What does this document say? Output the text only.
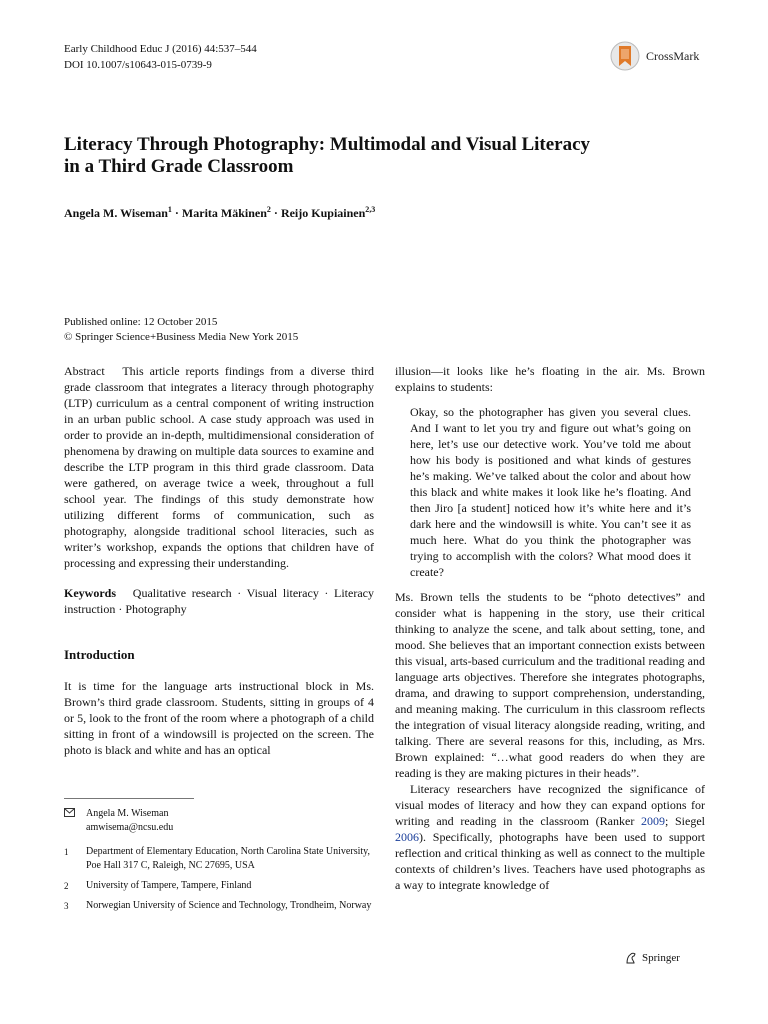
Early Childhood Educ J (2016) 44:537–544
DOI 10.1007/s10643-015-0739-9
CrossMark
Literacy Through Photography: Multimodal and Visual Literacy
in a Third Grade Classroom
Angela M. Wiseman$^1$ · Marita Mäkinen$^2$ · Reijo Kupiainen$^{2,3}$
Published online: 12 October 2015
© Springer Science+Business Media New York 2015

Abstract This article reports findings from a diverse third grade classroom that integrates a literacy through photography (LTP) curriculum as a central component of writing instruction in an urban public school. A case study approach was used in order to provide an in-depth, multidimensional consideration of phenomena by drawing on multiple data sources to examine and describe the LTP program in this third grade classroom. Data were gathered, on average twice a week, throughout a full school year. The findings of this study demonstrate how utilizing different forms of communication, such as photography, alongside traditional school literacies, such as writer’s workshop, expands the options that children have of processing and expressing their understanding.

Keywords Qualitative research · Visual literacy · Literacy instruction · Photography

Introduction

It is time for the language arts instructional block in Ms. Brown’s third grade classroom. Students, sitting in groups of 4 or 5, look to the front of the room where a photograph of a child sitting in front of a windowsill is projected on the screen. The photo is black and white and has an optical

Angela M. Wiseman
amwisema@ncsu.edu
1	Department of Elementary Education, North Carolina State University, Poe Hall 317 C, Raleigh, NC 27695, USA
2	University of Tampere, Tampere, Finland
3	Norwegian University of Science and Technology, Trondheim, Norway

illusion—it looks like he’s floating in the air. Ms. Brown explains to students:

Okay, so the photographer has given you several clues. And I want to let you try and figure out what’s going on here, let’s use our detective work. You’ve told me about how his body is positioned and what kinds of gestures he’s making. We’ve talked about the color and about how this black and white makes it look like he’s floating. And then Jiro [a student] noticed how it’s white here and it’s dark here and the windowsill is white. You can’t see it as much here. What do you think the photographer was trying to accomplish with the colors? What mood does it create?

Ms. Brown tells the students to be “photo detectives” and consider what is happening in the story, use their critical thinking to analyze the scene, and talk about setting, tone, and mood. She believes that an important connection exists between this visual, arts-based curriculum and the traditional reading and language arts objectives. Therefore she integrates photographs, drama, and drawing to support comprehension, understanding, and meaning making. The curriculum in this classroom reflects the integration of visual literacy alongside reading, writing, and talking. There are several reasons for this, including, as Mrs. Brown explained: “…what good readers do when they are reading is they are making pictures in their heads”.

Literacy researchers have recognized the significance of visual modes of literacy and how they can expand options for writing and reading in the classroom (Ranker 2009; Siegel 2006). Specifically, photographs have been used to support reflection and critical thinking as well as connect to the multiple contexts of children’s lives. Teachers have used photographs as a way to integrate knowledge of

Springer
